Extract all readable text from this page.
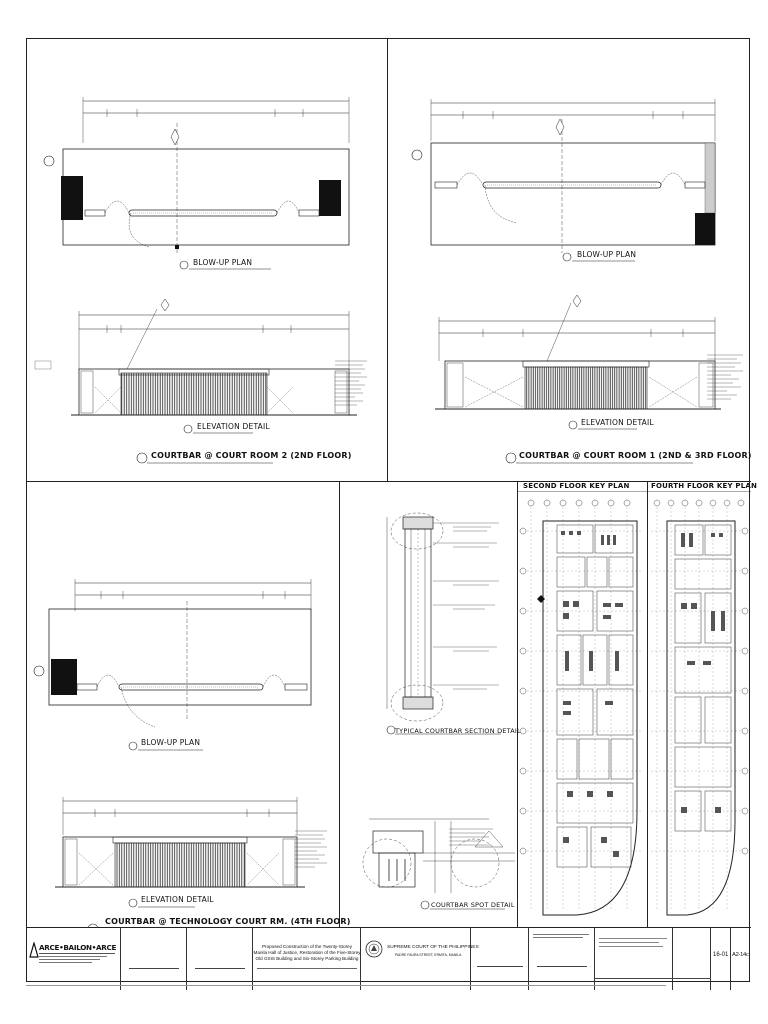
BLOW-UP PLAN
ELEVATION DETAIL
COURTBAR @ COURT ROOM 2 (2ND FLOOR)
BLOW-UP PLAN
ELEVATION DETAIL
COURTBAR @ COURT ROOM 1 (2ND & 3RD FLOOR)
BLOW-UP PLAN
ELEVATION DETAIL
COURTBAR @ TECHNOLOGY COURT RM. (4TH FLOOR)
TYPICAL COURTBAR SECTION DETAIL
COURTBAR SPOT DETAIL
SECOND FLOOR KEY PLAN	FOURTH FLOOR KEY PLAN
ARCE•BAILON•ARCE	Proposed Construction of the Twenty-Storey
Manila Hall of Justice, Restoration of the Five-Storey
Old GSIS Building and Six-Storey Parking Building
SUPREME COURT OF THE PHILIPPINES
PADRE FAURA STREET, ERMITA, MANILA	16-01 A2-14c
